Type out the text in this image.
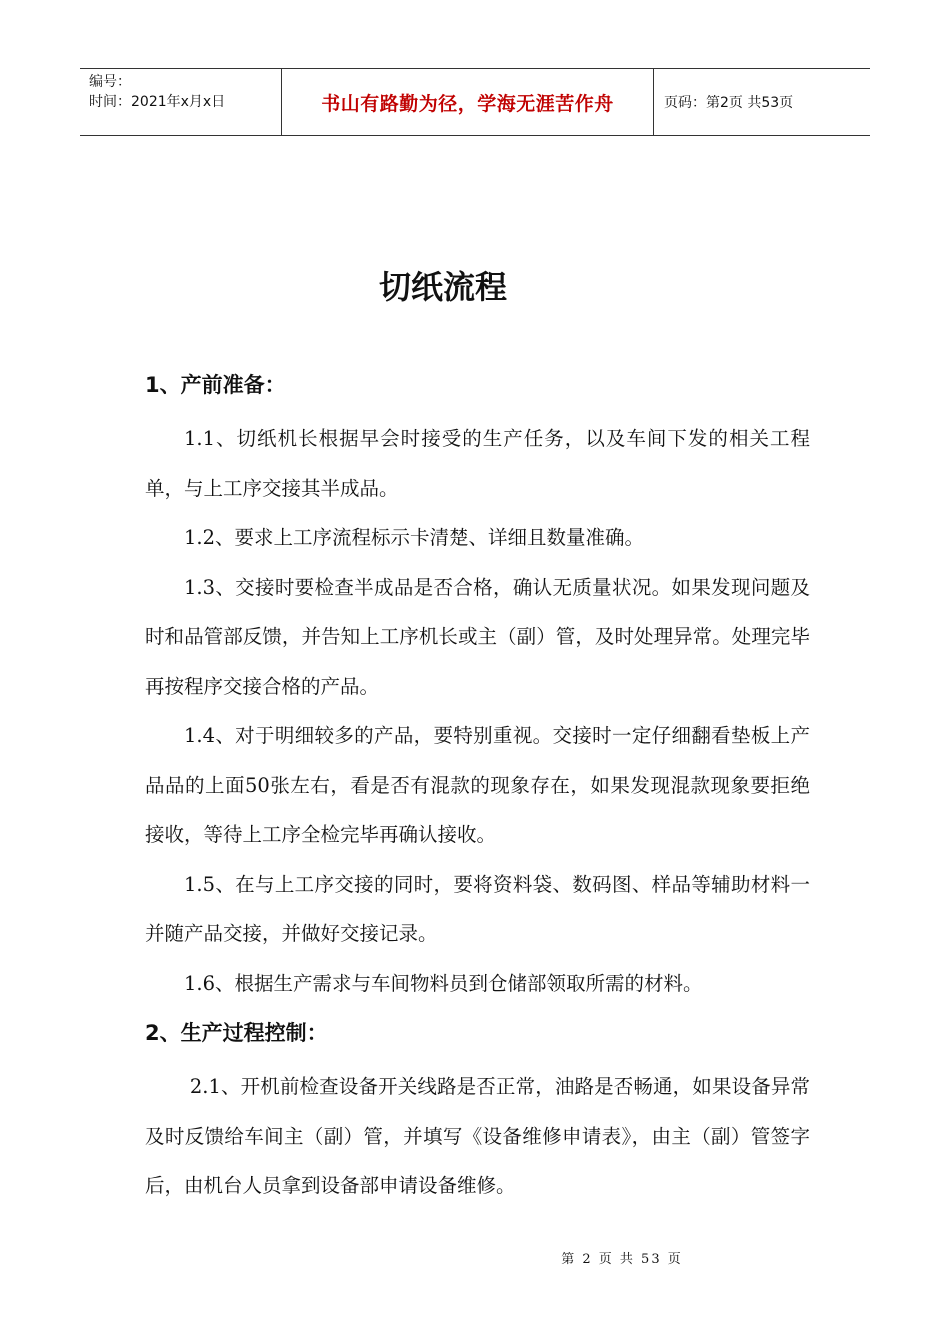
编号：
时间：2021年x月x日	书山有路勤为径，学海无涯苦作舟	页码：第2页 共53页
切纸流程
1、产前准备：

1.1、切纸机长根据早会时接受的生产任务，以及车间下发的相关工程单，与上工序交接其半成品。

1.2、要求上工序流程标示卡清楚、详细且数量准确。

1.3、交接时要检查半成品是否合格，确认无质量状况。如果发现问题及时和品管部反馈，并告知上工序机长或主（副）管，及时处理异常。处理完毕再按程序交接合格的产品。

1.4、对于明细较多的产品，要特别重视。交接时一定仔细翻看垫板上产品品的上面50张左右，看是否有混款的现象存在，如果发现混款现象要拒绝接收，等待上工序全检完毕再确认接收。

1.5、在与上工序交接的同时，要将资料袋、数码图、样品等辅助材料一并随产品交接，并做好交接记录。

1.6、根据生产需求与车间物料员到仓储部领取所需的材料。

2、生产过程控制：

2.1、开机前检查设备开关线路是否正常，油路是否畅通，如果设备异常及时反馈给车间主（副）管，并填写《设备维修申请表》，由主（副）管签字后，由机台人员拿到设备部申请设备维修。

第 2 页 共 53 页
